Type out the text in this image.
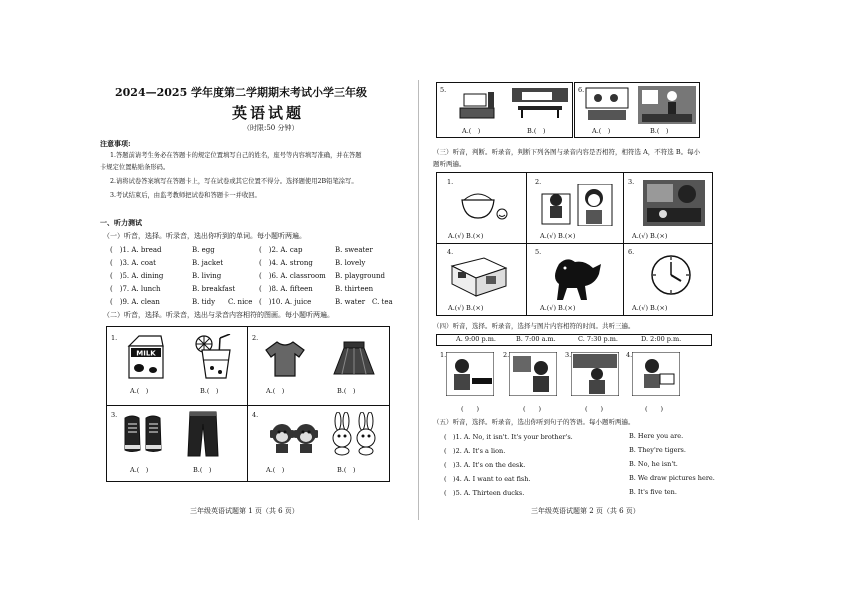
2024—2025 学年度第二学期期末考试小学三年级
英语试题
（时限:50 分钟）
注意事项:
1.答题前请考生务必在答题卡的规定位置填写自己的姓名，座号等内容填写准确，并在答题
卡规定位置粘贴条形码。
2.请将试卷答案填写在答题卡上，写在试卷或其它位置不得分。选择题使用2B铅笔涂写。
3.考试结束后，由监考教师把试卷和答题卡一并收回。
一、听力测试
（一）听音，选择。听录音，选出你听到的单词。每小题听两遍。
(　)1. A. bread	B. egg	(　)2. A. cap	B. sweater
(　)3. A. coat	B. jacket	(　)4. A. strong	B. lovely
(　)5. A. dining	B. living	(　)6. A. classroom B. playground
(　)7. A. lunch	B. breakfast	(　)8. A. fifteen	B. thirteen
(　)9. A. clean	B. tidy C. nice (　)10. A. juice	B. water C. tea
（二）听音，选择。听录音，选出与录音内容相符的图画。每小题听两遍。
1.	2.
3.	4.
MILK
A.(　)	B.(　)	A.(　)	B.(　)
A.(　)	B.(　)	A.(　)	B.(　)
三年级英语试题第 1 页（共 6 页）
5.	6.
A.(　)	B.(　)	A.(　)	B.(　)
（三）听音，判断。听录音，判断下列各图与录音内容是否相符，相符选 A，不符选 B。每小
题听两遍。
1.	2.	3.
4.	5.	6.
A.(√) B.(×)	A.(√) B.(×)	A.(√) B.(×)
A.(√) B.(×)	A.(√) B.(×)	A.(√) B.(×)
（四）听音，选择。听录音，选择与图片内容相符的时间。共听三遍。
A. 9:00 p.m.	B. 7:00 a.m.	C. 7:30 p.m.	D. 2:00 p.m.
1.	2.	3.	4.
(　　)	(　　)	(　　)	(　　)
（五）听音，选择。听录音，选出你听到句子的答语。每小题听两遍。
(　)1. A. No, it isn't. It's your brother's.	B. Here you are.
(　)2. A. It's a lion.	B. They're tigers.
(　)3. A. It's on the desk.	B. No, he isn't.
(　)4. A. I want to eat fish.	B. We draw pictures here.
(　)5. A. Thirteen ducks.	B. It's five ten.
三年级英语试题第 2 页（共 6 页）
